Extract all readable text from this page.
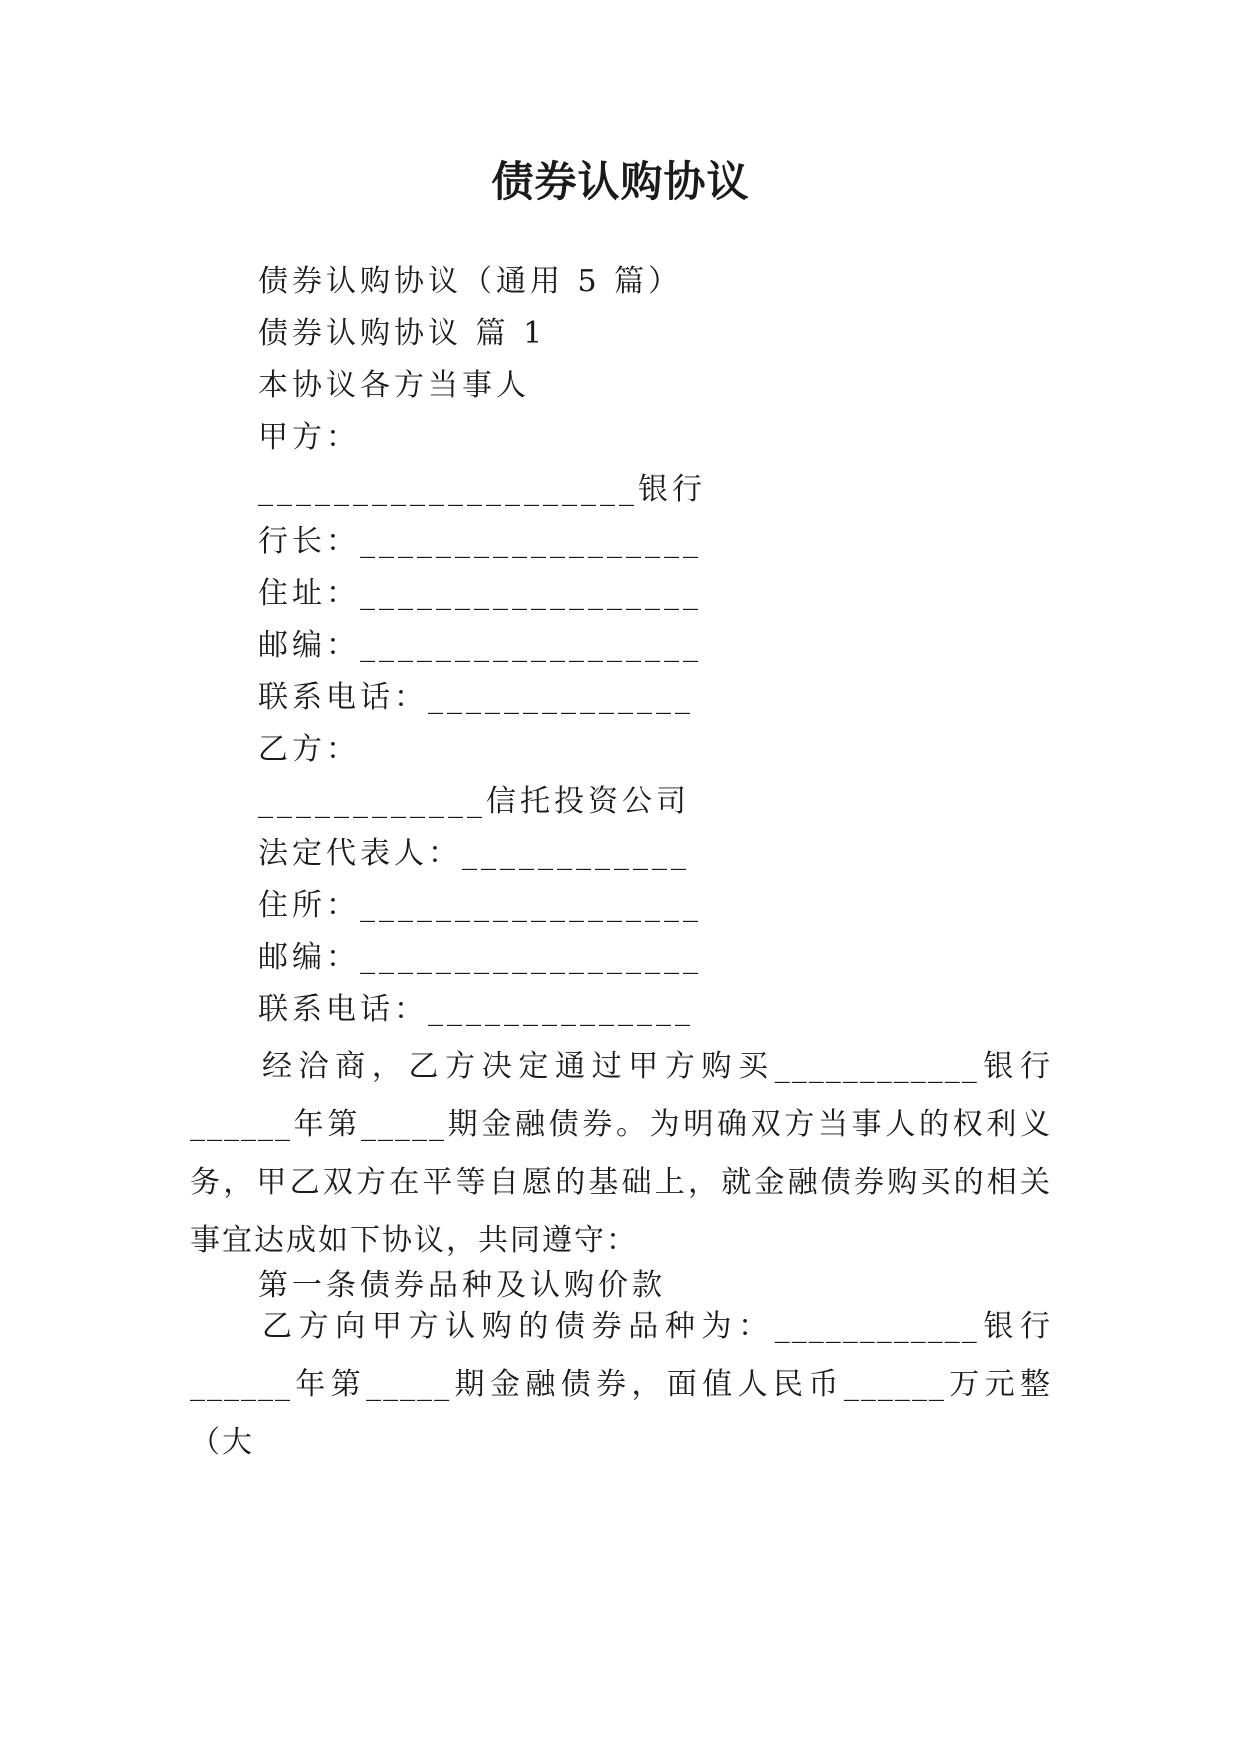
债券认购协议
债券认购协议（通用 5 篇）
债券认购协议 篇 1
本协议各方当事人
甲方：
____________________银行
行长：__________________
住址：__________________
邮编：__________________
联系电话：______________
乙方：
____________信托投资公司
法定代表人：____________
住所：__________________
邮编：__________________
联系电话：______________
经洽商，乙方决定通过甲方购买____________银行______年第_____期金融债券。为明确双方当事人的权利义务，甲乙双方在平等自愿的基础上，就金融债券购买的相关事宜达成如下协议，共同遵守：
第一条债券品种及认购价款
乙方向甲方认购的债券品种为：____________银行______年第_____期金融债券，面值人民币______万元整（大
